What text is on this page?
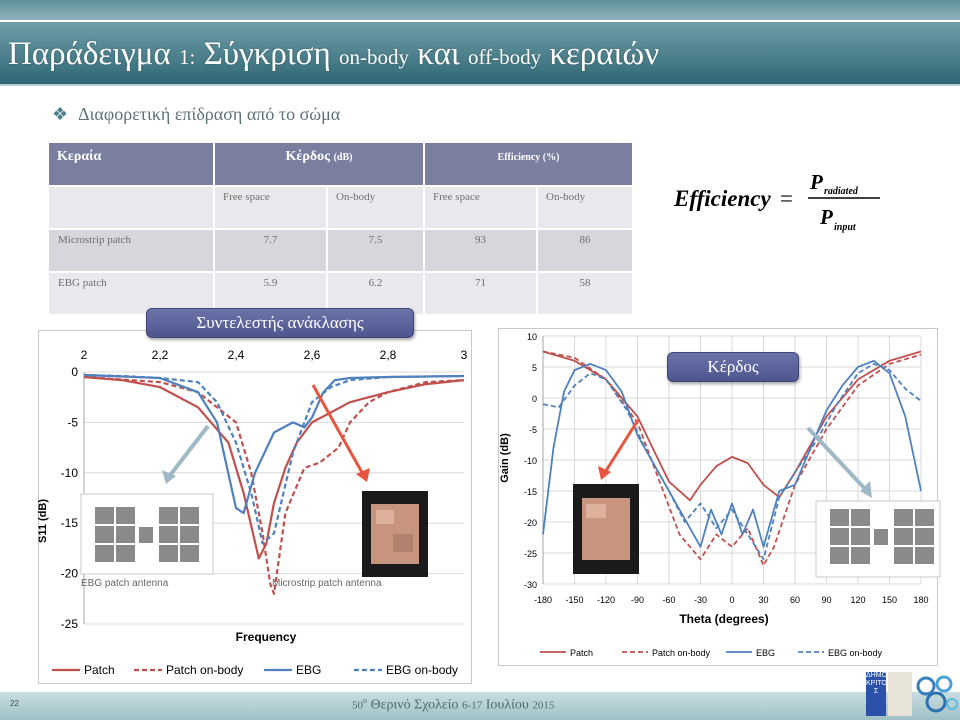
Παράδειγμα 1: Σύγκριση on-body και off-body κεραιών
❖ Διαφορετική επίδραση από το σώμα
Κεραία	Κέρδος (dB)		Efficiency (%)	
	Free space	On-body	Free space	On-body
Microstrip patch	7.7	7.5	93	86
EBG patch	5.9	6.2	71	58
Efficiency =
P radiated
P input
0
-5
-10
-15
-20
-25
2	2,2	2,4	2,6	2,8	3
EBG patch antenna	Microstrip patch antenna
S11 (dB)
Frequency
Patch	Patch on-body	EBG	EBG on-body
10
5
0
-5
-10
-15
-20
-25
-30
-180 -150 -120 -90 -60 -30 0	30 60 90 120 150 180
Gain (dB)
Theta (degrees)
Patch	Patch on-body	EBG	EBG on-body
Συντελεστής ανάκλασης
Κέρδος
22	$50^o$ Θερινό Σχολείο 6-17 Ιουλίου 2015
ΔΗΜΟ ΚΡΙΤΟ Σ
